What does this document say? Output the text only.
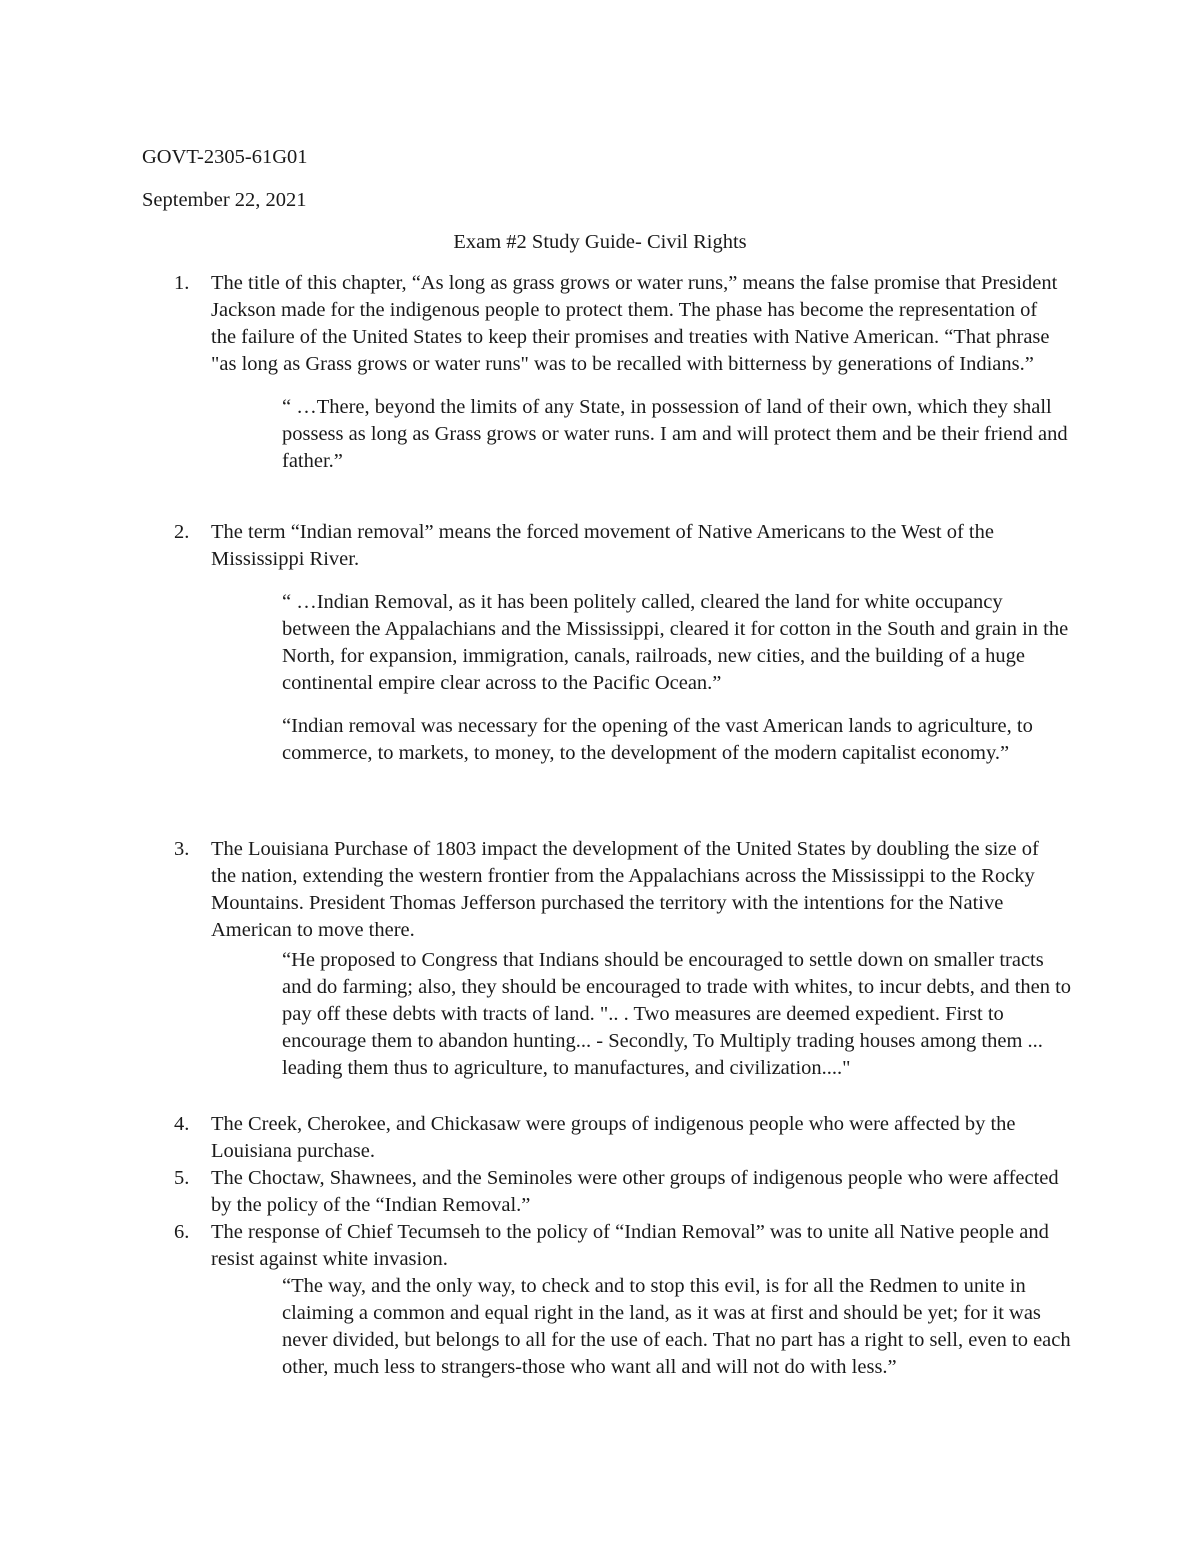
GOVT-2305-61G01

September 22, 2021

Exam #2 Study Guide- Civil Rights

1.	The title of this chapter, “As long as grass grows or water runs,” means the false promise that President Jackson made for the indigenous people to protect them. The phase has become the representation of the failure of the United States to keep their promises and treaties with Native American. “That phrase "as long as Grass grows or water runs" was to be recalled with bitterness by generations of Indians.”

“ …There, beyond the limits of any State, in possession of land of their own, which they shall possess as long as Grass grows or water runs. I am and will protect them and be their friend and father.”

2.	The term “Indian removal” means the forced movement of Native Americans to the West of the Mississippi River.

“ …Indian Removal, as it has been politely called, cleared the land for white occupancy between the Appalachians and the Mississippi, cleared it for cotton in the South and grain in the North, for expansion, immigration, canals, railroads, new cities, and the building of a huge continental empire clear across to the Pacific Ocean.”

“Indian removal was necessary for the opening of the vast American lands to agriculture, to commerce, to markets, to money, to the development of the modern capitalist economy.”

3.	The Louisiana Purchase of 1803 impact the development of the United States by doubling the size of the nation, extending the western frontier from the Appalachians across the Mississippi to the Rocky Mountains. President Thomas Jefferson purchased the territory with the intentions for the Native American to move there.

“He proposed to Congress that Indians should be encouraged to settle down on smaller tracts and do farming; also, they should be encouraged to trade with whites, to incur debts, and then to pay off these debts with tracts of land. ".. . Two measures are deemed expedient. First to encourage them to abandon hunting... - Secondly, To Multiply trading houses among them ... leading them thus to agriculture, to manufactures, and civilization...."

4.	The Creek, Cherokee, and Chickasaw were groups of indigenous people who were affected by the Louisiana purchase.
5.	The Choctaw, Shawnees, and the Seminoles were other groups of indigenous people who were affected by the policy of the “Indian Removal.”
6.	The response of Chief Tecumseh to the policy of “Indian Removal” was to unite all Native people and resist against white invasion.

“The way, and the only way, to check and to stop this evil, is for all the Redmen to unite in claiming a common and equal right in the land, as it was at first and should be yet; for it was never divided, but belongs to all for the use of each. That no part has a right to sell, even to each other, much less to strangers-those who want all and will not do with less.”
